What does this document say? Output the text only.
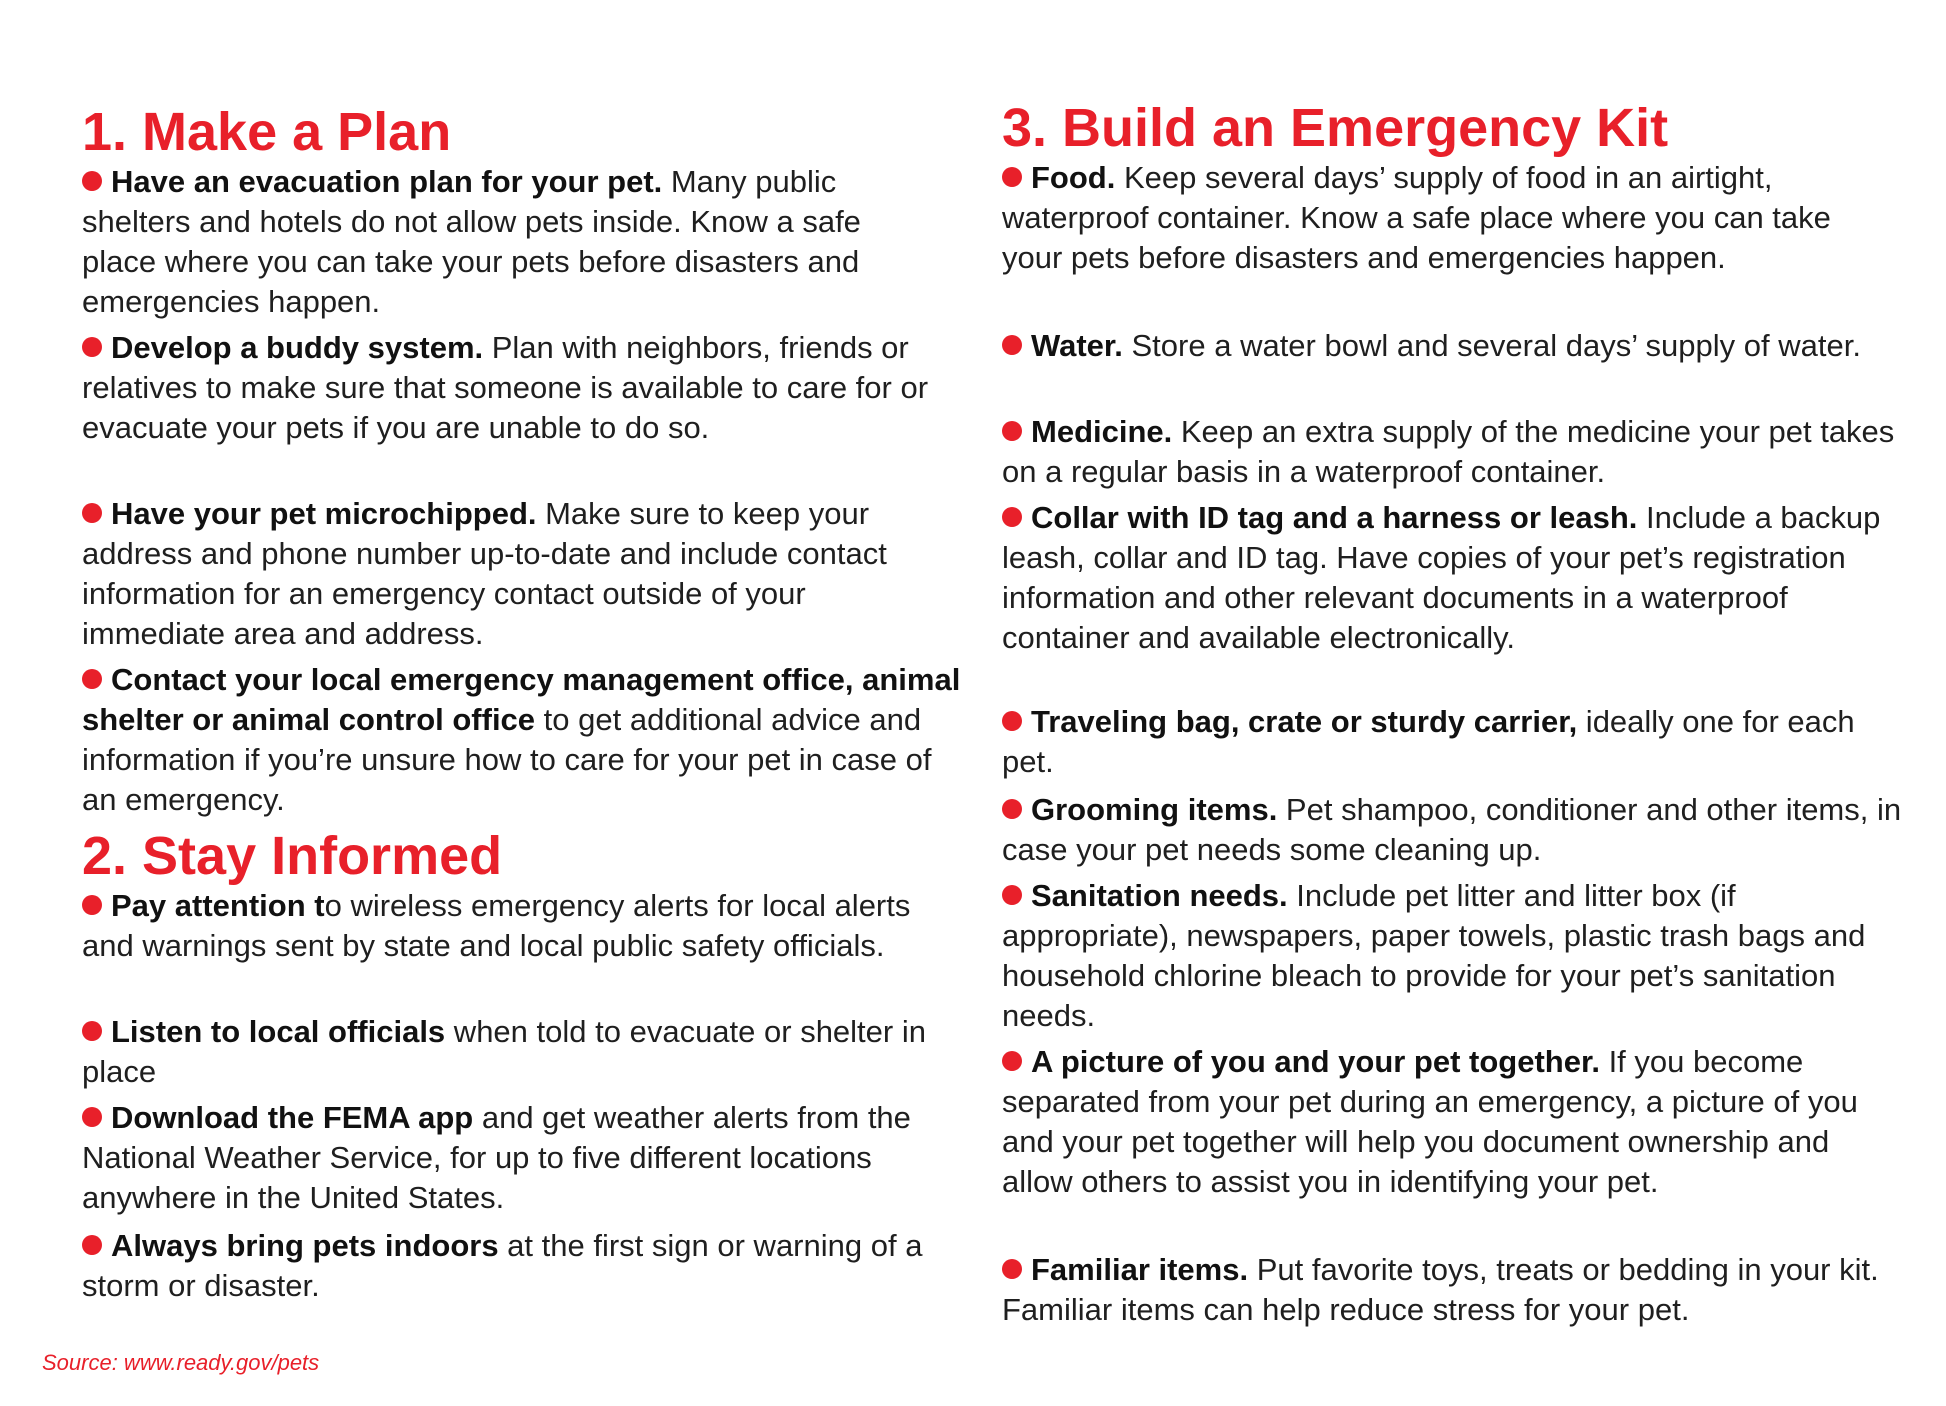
1. Make a Plan

Have an evacuation plan for your pet. Many public shelters and hotels do not allow pets inside. Know a safe place where you can take your pets before disasters and emergencies happen.

Develop a buddy system. Plan with neighbors, friends or relatives to make sure that someone is available to care for or evacuate your pets if you are unable to do so.

Have your pet microchipped. Make sure to keep your address and phone number up-to-date and include contact information for an emergency contact outside of your immediate area and address.

Contact your local emergency management office, animal shelter or animal control office to get additional advice and information if you’re unsure how to care for your pet in case of an emergency.

2. Stay Informed

Pay attention to wireless emergency alerts for local alerts and warnings sent by state and local public safety officials.

Listen to local officials when told to evacuate or shelter in place

Download the FEMA app and get weather alerts from the National Weather Service, for up to five different locations anywhere in the United States.

Always bring pets indoors at the first sign or warning of a storm or disaster.

3. Build an Emergency Kit

Food. Keep several days’ supply of food in an airtight, waterproof container. Know a safe place where you can take your pets before disasters and emergencies happen.

Water. Store a water bowl and several days’ supply of water.

Medicine. Keep an extra supply of the medicine your pet takes on a regular basis in a waterproof container.

Collar with ID tag and a harness or leash. Include a backup leash, collar and ID tag. Have copies of your pet’s registration information and other relevant documents in a waterproof container and available electronically.

Traveling bag, crate or sturdy carrier, ideally one for each pet.

Grooming items. Pet shampoo, conditioner and other items, in case your pet needs some cleaning up.

Sanitation needs. Include pet litter and litter box (if appropriate), newspapers, paper towels, plastic trash bags and household chlorine bleach to provide for your pet’s sanitation needs.

A picture of you and your pet together. If you become separated from your pet during an emergency, a picture of you and your pet together will help you document ownership and allow others to assist you in identifying your pet.

Familiar items. Put favorite toys, treats or bedding in your kit. Familiar items can help reduce stress for your pet.

Source: www.ready.gov/pets
